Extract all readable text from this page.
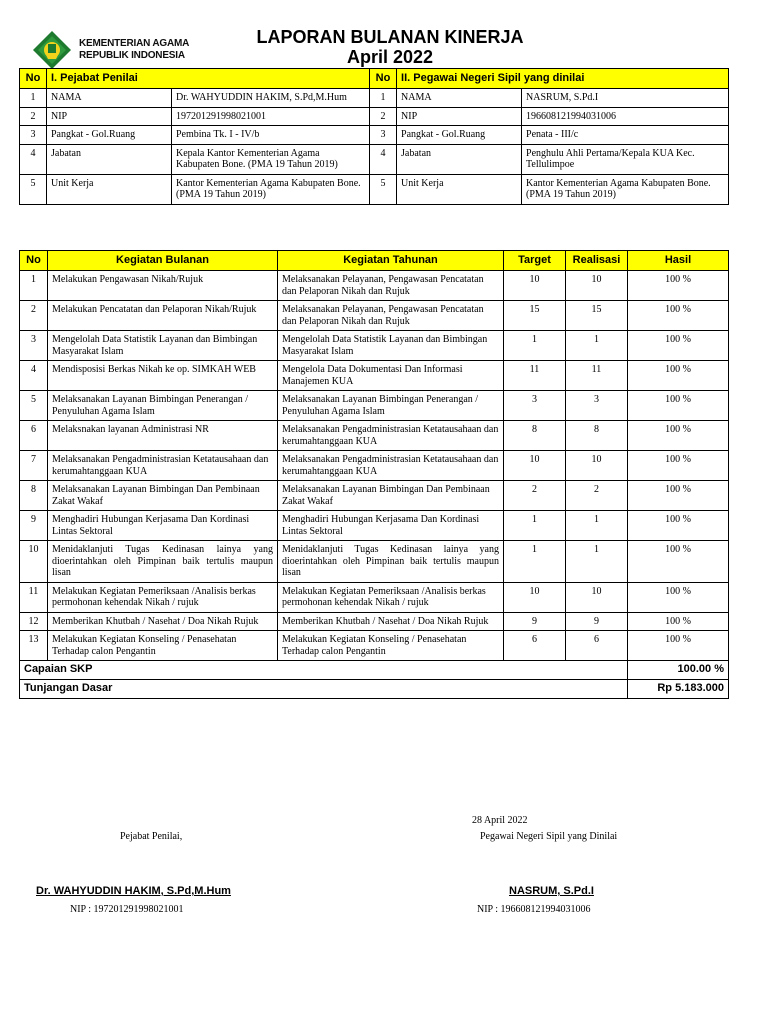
KEMENTERIAN AGAMA
REPUBLIK INDONESIA
LAPORAN BULANAN KINERJA
April 2022
No	I. Pejabat Penilai		No	II. Pegawai Negeri Sipil yang dinilai	
1	NAMA	Dr. WAHYUDDIN HAKIM, S.Pd,M.Hum	1	NAMA	NASRUM, S.Pd.I
2	NIP	197201291998021001	2	NIP	196608121994031006
3	Pangkat - Gol.Ruang	Pembina Tk. I - IV/b	3	Pangkat - Gol.Ruang	Penata - III/c
4	Jabatan	Kepala Kantor Kementerian Agama Kabupaten Bone. (PMA 19 Tahun 2019)	4	Jabatan	Penghulu Ahli Pertama/Kepala KUA Kec. Tellulimpoe
5	Unit Kerja	Kantor Kementerian Agama Kabupaten Bone. (PMA 19 Tahun 2019)	5	Unit Kerja	Kantor Kementerian Agama Kabupaten Bone. (PMA 19 Tahun 2019)
No	Kegiatan Bulanan	Kegiatan Tahunan	Target	Realisasi	Hasil
1	Melakukan Pengawasan Nikah/Rujuk	Melaksanakan Pelayanan, Pengawasan Pencatatan dan Pelaporan Nikah dan Rujuk	10	10	100 %
2	Melakukan Pencatatan dan Pelaporan Nikah/Rujuk	Melaksanakan Pelayanan, Pengawasan Pencatatan dan Pelaporan Nikah dan Rujuk	15	15	100 %
3	Mengelolah Data Statistik Layanan dan Bimbingan Masyarakat Islam	Mengelolah Data Statistik Layanan dan Bimbingan Masyarakat Islam	1	1	100 %
4	Mendisposisi Berkas Nikah ke op. SIMKAH WEB	Mengelola Data Dokumentasi Dan Informasi Manajemen KUA	11	11	100 %
5	Melaksanakan Layanan Bimbingan Penerangan / Penyuluhan Agama Islam	Melaksanakan Layanan Bimbingan Penerangan / Penyuluhan Agama Islam	3	3	100 %
6	Melaksnakan layanan Administrasi NR	Melaksanakan Pengadministrasian Ketatausahaan dan kerumahtanggaan KUA	8	8	100 %
7	Melaksanakan Pengadministrasian Ketatausahaan dan kerumahtanggaan KUA	Melaksanakan Pengadministrasian Ketatausahaan dan kerumahtanggaan KUA	10	10	100 %
8	Melaksanakan Layanan Bimbingan Dan Pembinaan Zakat Wakaf	Melaksanakan Layanan Bimbingan Dan Pembinaan Zakat Wakaf	2	2	100 %
9	Menghadiri Hubungan Kerjasama Dan Kordinasi Lintas Sektoral	Menghadiri Hubungan Kerjasama Dan Kordinasi Lintas Sektoral	1	1	100 %
10	Menidaklanjuti Tugas Kedinasan lainya yang dioerintahkan oleh Pimpinan baik tertulis maupun lisan	Menidaklanjuti Tugas Kedinasan lainya yang dioerintahkan oleh Pimpinan baik tertulis maupun lisan	1	1	100 %
11	Melakukan Kegiatan Pemeriksaan /Analisis berkas permohonan kehendak Nikah / rujuk	Melakukan Kegiatan Pemeriksaan /Analisis berkas permohonan kehendak Nikah / rujuk	10	10	100 %
12	Memberikan Khutbah / Nasehat / Doa Nikah Rujuk	Memberikan Khutbah / Nasehat / Doa Nikah Rujuk	9	9	100 %
13	Melakukan Kegiatan Konseling / Penasehatan Terhadap calon Pengantin	Melakukan Kegiatan Konseling / Penasehatan Terhadap calon Pengantin	6	6	100 %
Capaian SKP					100.00 %
Tunjangan Dasar					Rp 5.183.000
28 April 2022
Pejabat Penilai,	Pegawai Negeri Sipil yang Dinilai
Dr. WAHYUDDIN HAKIM, S.Pd,M.Hum
NIP : 197201291998021001
NASRUM, S.Pd.I
NIP : 196608121994031006
